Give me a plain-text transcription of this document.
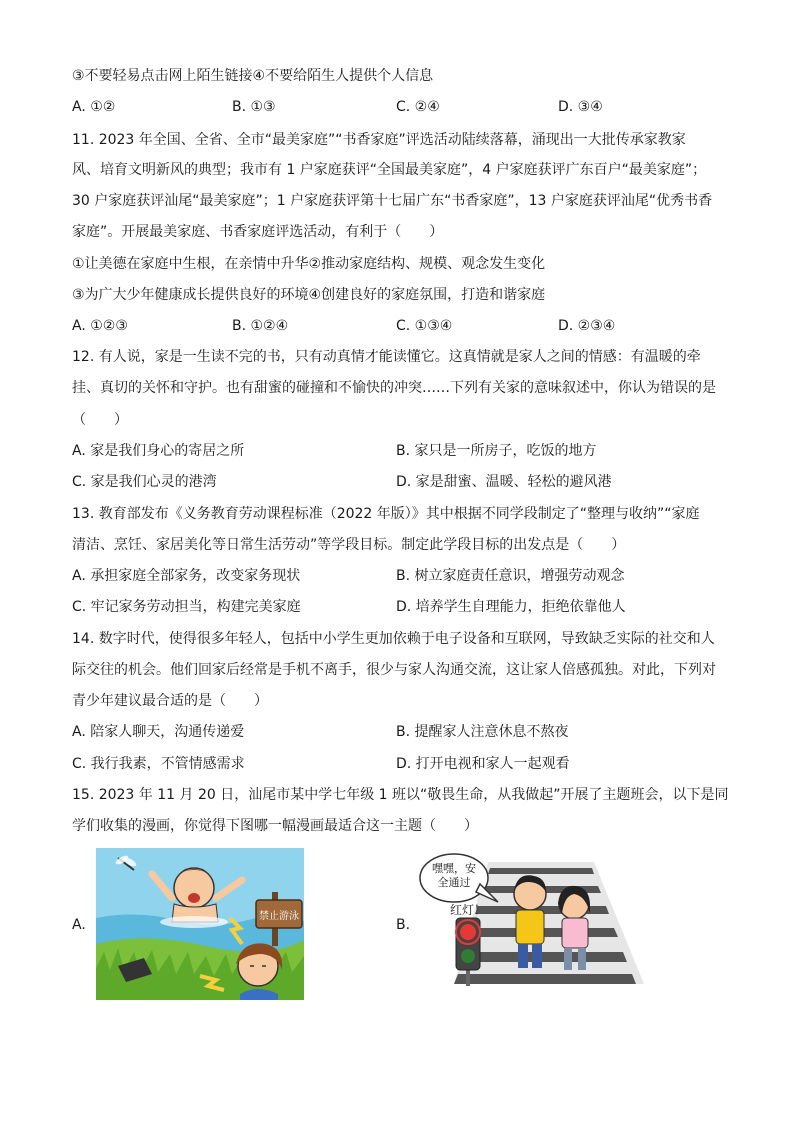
③不要轻易点击网上陌生链接④不要给陌生人提供个人信息
A. ①②	B. ①③	C. ②④	D. ③④
11. 2023 年全国、全省、全市“最美家庭”“书香家庭”评选活动陆续落幕，涌现出一大批传承家教家
风、培育文明新风的典型；我市有 1 户家庭获评“全国最美家庭”，4 户家庭获评广东百户“最美家庭”；
30 户家庭获评汕尾“最美家庭”；1 户家庭获评第十七届广东“书香家庭”，13 户家庭获评汕尾“优秀书香
家庭”。开展最美家庭、书香家庭评选活动，有利于（　　）
①让美德在家庭中生根，在亲情中升华②推动家庭结构、规模、观念发生变化
③为广大少年健康成长提供良好的环境④创建良好的家庭氛围，打造和谐家庭
A. ①②③	B. ①②④	C. ①③④	D. ②③④
12. 有人说，家是一生读不完的书，只有动真情才能读懂它。这真情就是家人之间的情感：有温暖的牵
挂、真切的关怀和守护。也有甜蜜的碰撞和不愉快的冲突……下列有关家的意味叙述中，你认为错误的是
（　　）
A. 家是我们身心的寄居之所	B. 家只是一所房子，吃饭的地方
C. 家是我们心灵的港湾	D. 家是甜蜜、温暖、轻松的避风港
13. 教育部发布《义务教育劳动课程标准（2022 年版）》其中根据不同学段制定了“整理与收纳”“家庭
清洁、烹饪、家居美化等日常生活劳动”等学段目标。制定此学段目标的出发点是（　　）
A. 承担家庭全部家务，改变家务现状	B. 树立家庭责任意识，增强劳动观念
C. 牢记家务劳动担当，构建完美家庭	D. 培养学生自理能力，拒绝依靠他人
14. 数字时代，使得很多年轻人，包括中小学生更加依赖于电子设备和互联网，导致缺乏实际的社交和人
际交往的机会。他们回家后经常是手机不离手，很少与家人沟通交流，这让家人倍感孤独。对此，下列对
青少年建议最合适的是（　　）
A. 陪家人聊天，沟通传递爱	B. 提醒家人注意休息不熬夜
C. 我行我素，不管情感需求	D. 打开电视和家人一起观看
15. 2023 年 11 月 20 日，汕尾市某中学七年级 1 班以“敬畏生命，从我做起”开展了主题班会，以下是同
学们收集的漫画，你觉得下图哪一幅漫画最适合这一主题（　　）
A.
禁止游泳
B.
嘿嘿，安
全通过
红灯！
